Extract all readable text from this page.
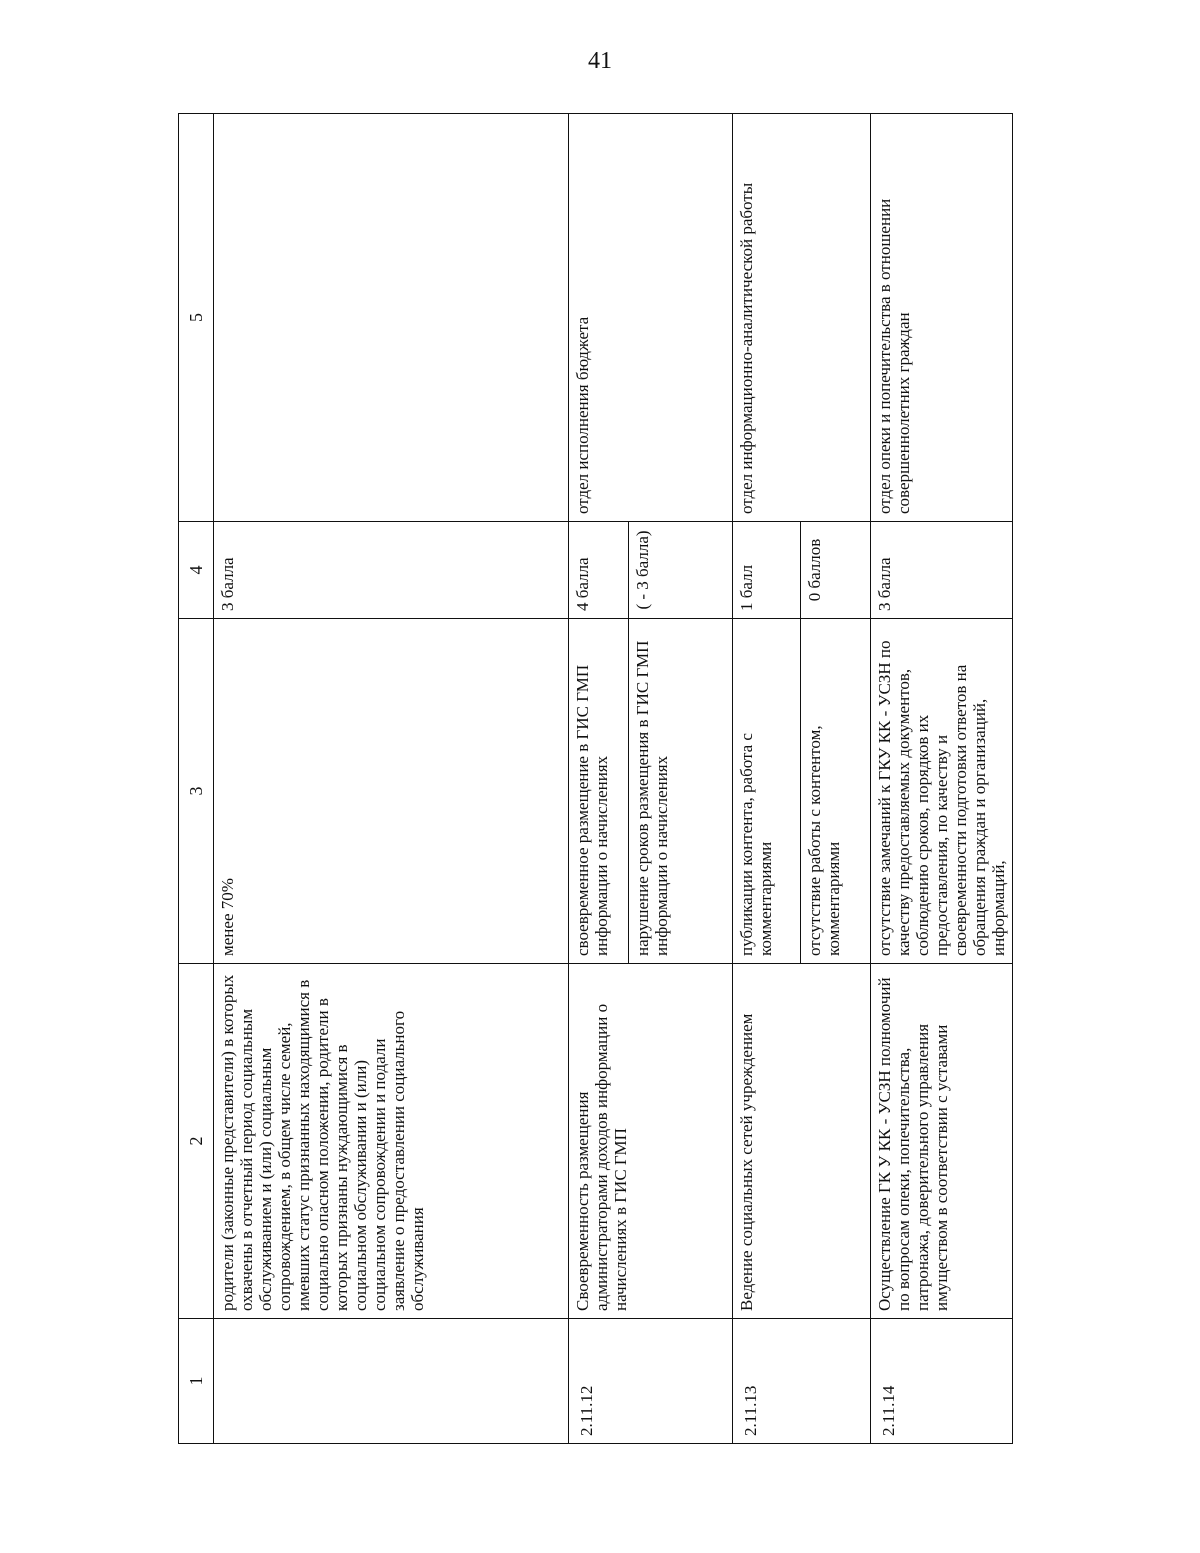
41
1	2	3	4	5
	родители (законные представители) в которых охвачены в отчетный период социальным обслуживанием и (или) социальным сопровождением, в общем числе семей, имевших статус признанных находящимися в социально опасном положении, родители в которых признаны нуждающимися в социальном обслуживании и (или) социальном сопровождении и подали заявление о предоставлении социального обслуживания	менее 70%	3 балла	
2.11.12	Своевременность размещения администраторами доходов информации о начислениях в ГИС ГМП	своевременное размещение в ГИС ГМП информации о начислениях	4 балла	отдел исполнения бюджета
		нарушение сроков размещения в ГИС ГМП информации о начислениях	( - 3 балла)	

2.11.13	Ведение социальных сетей учреждением	публикации контента, работа с комментариями	1 балл	отдел информационно-аналитической работы
		отсутствие работы с контентом, комментариями	0 баллов	

2.11.14	Осуществление ГК У КК - УСЗН полномочий по вопросам опеки, попечительства, патронажа, доверительного управления имуществом в соответствии с уставами	отсутствие замечаний к ГКУ КК - УСЗН по качеству предоставляемых документов, соблюдению сроков, порядков их предоставления, по качеству и своевременности подготовки ответов на обращения граждан и организаций, информаций,	3 балла	отдел опеки и попечительства в отношении совершеннолетних граждан
